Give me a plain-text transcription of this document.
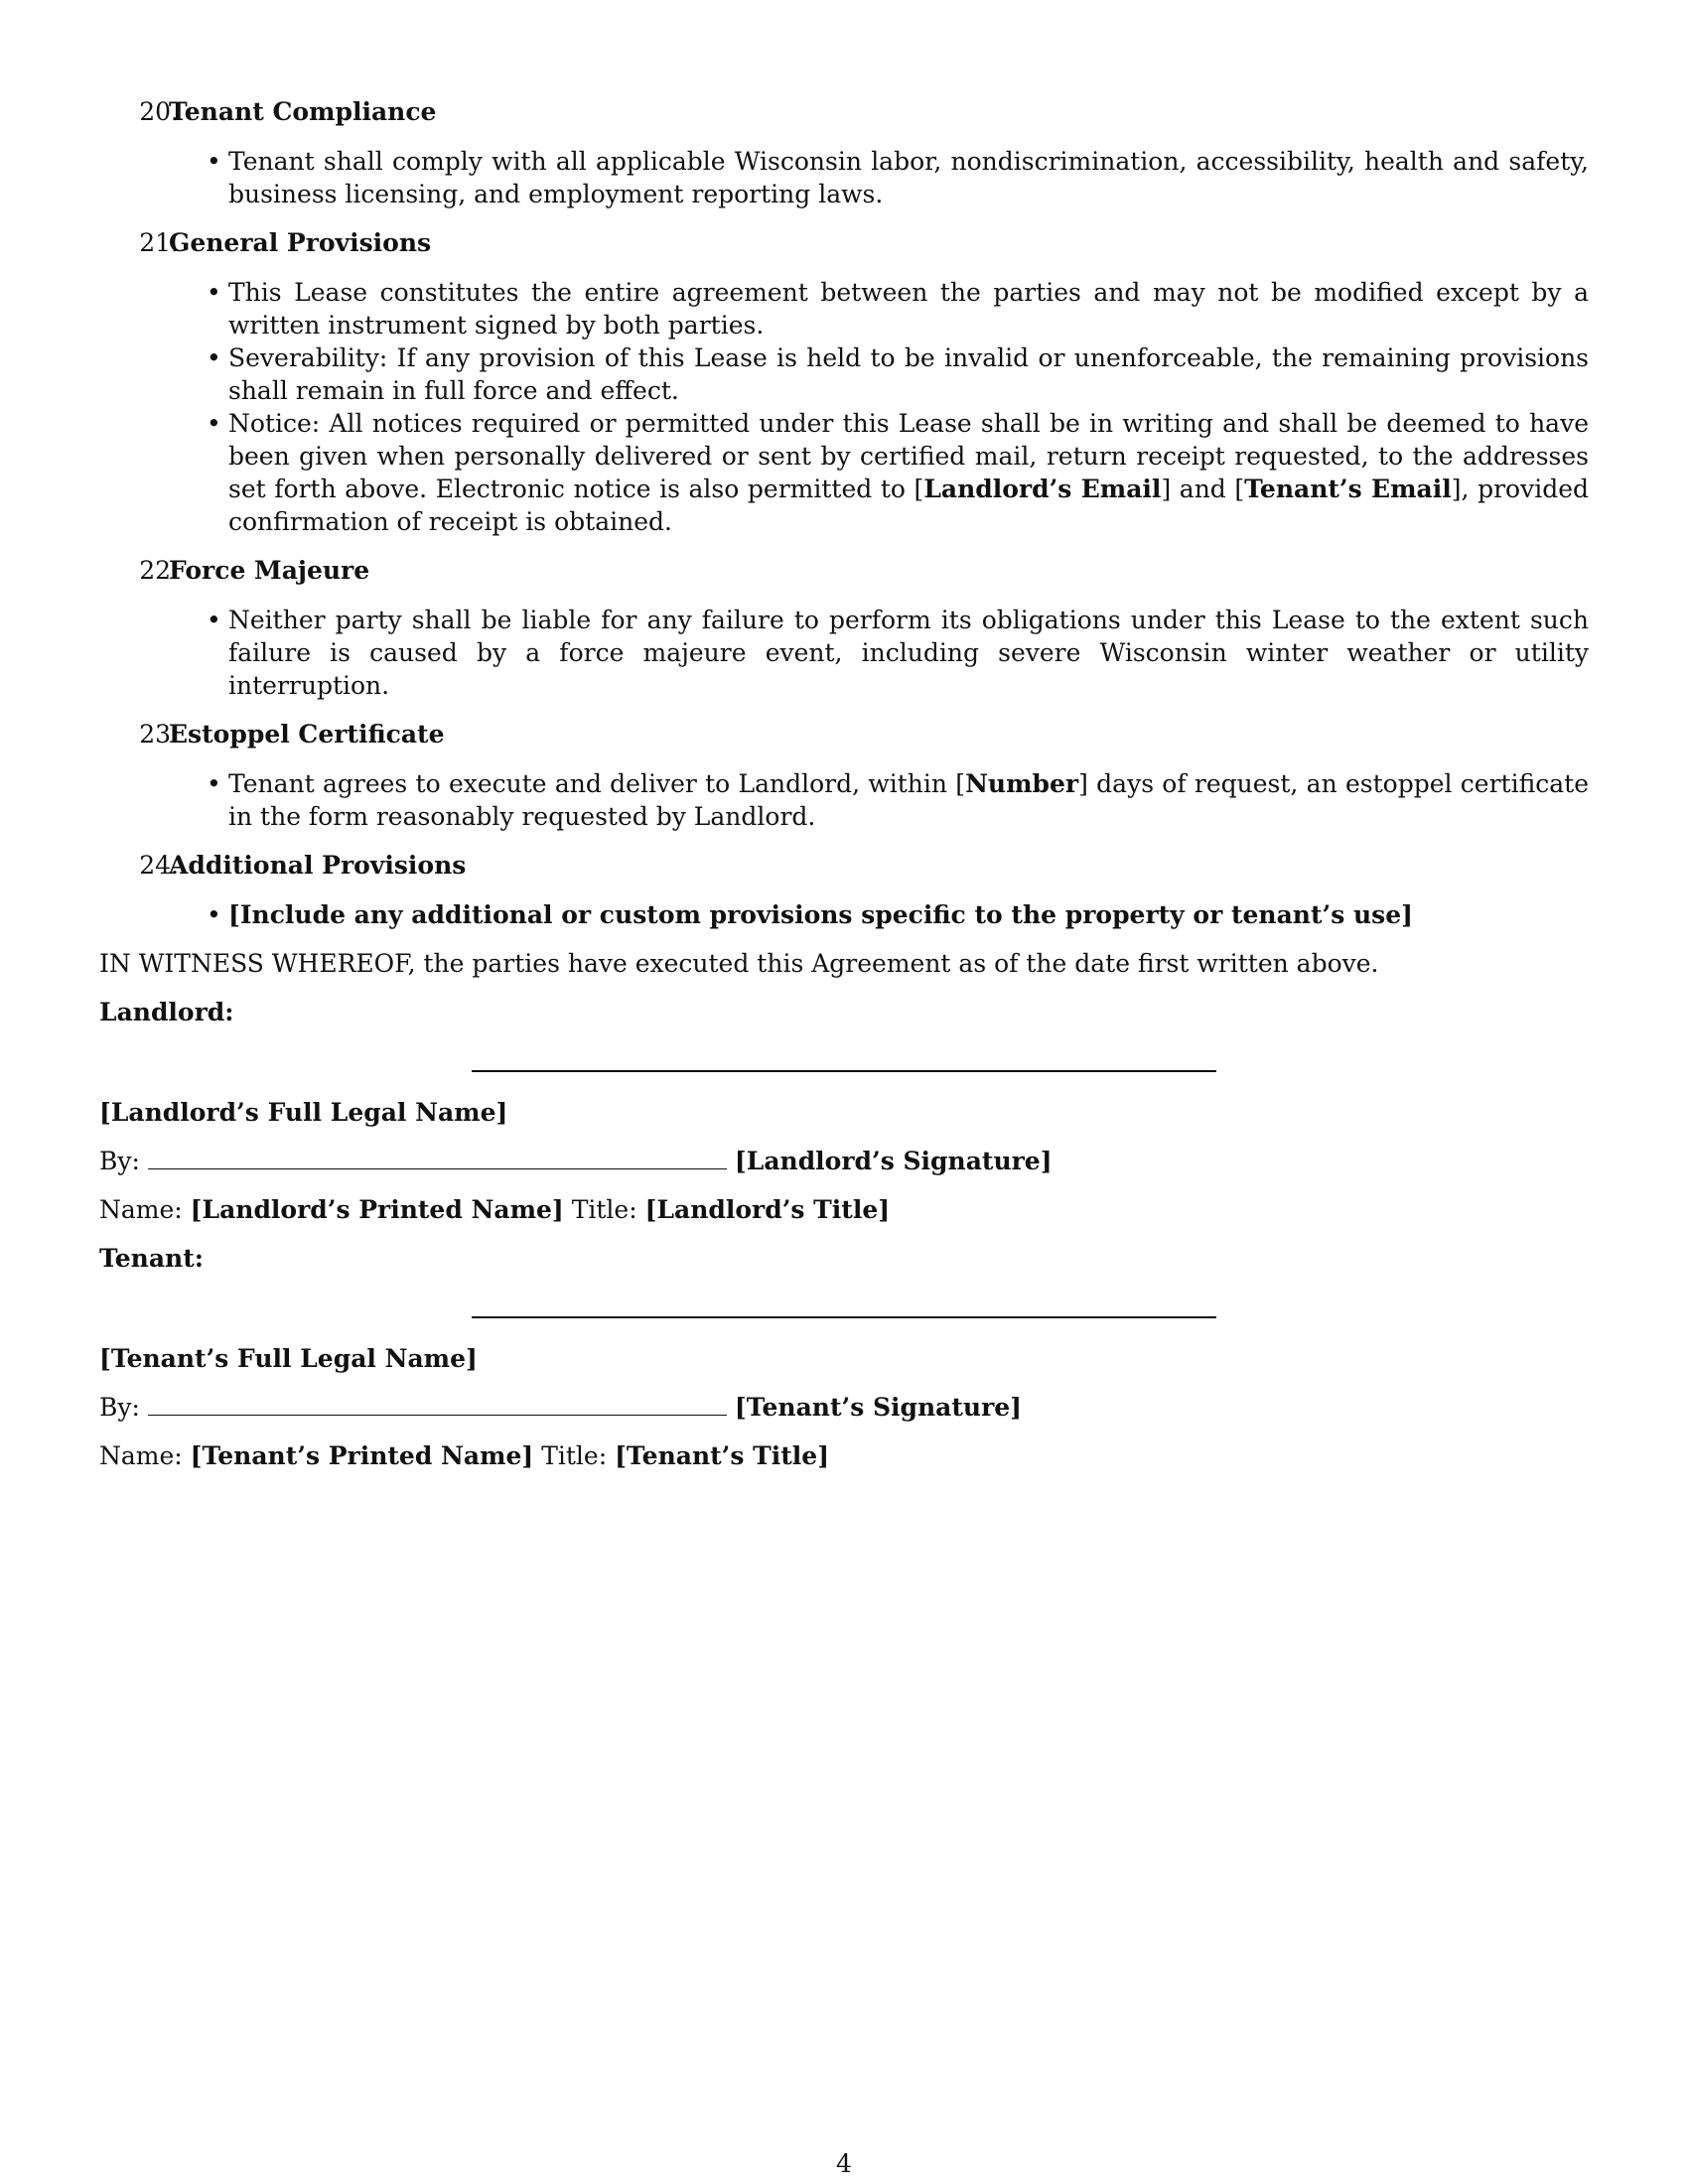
20.
Tenant Compliance
• Tenant shall comply with all applicable Wisconsin labor, nondiscrimination, accessibility, health and safety, business licensing, and employment reporting laws.
21.
General Provisions
• This Lease constitutes the entire agreement between the parties and may not be modified except by a written instrument signed by both parties.
• Severability: If any provision of this Lease is held to be invalid or unenforceable, the remaining provisions shall remain in full force and effect.
• Notice: All notices required or permitted under this Lease shall be in writing and shall be deemed to have been given when personally delivered or sent by certified mail, return receipt requested, to the addresses set forth above. Electronic notice is also permitted to [Landlord’s Email] and [Tenant’s Email], provided confirmation of receipt is obtained.
22.
Force Majeure
• Neither party shall be liable for any failure to perform its obligations under this Lease to the extent such failure is caused by a force majeure event, including severe Wisconsin winter weather or utility interruption.
23.
Estoppel Certificate
• Tenant agrees to execute and deliver to Landlord, within [Number] days of request, an estoppel certificate in the form reasonably requested by Landlord.
24.
Additional Provisions
• [Include any additional or custom provisions specific to the property or tenant’s use]
IN WITNESS WHEREOF, the parties have executed this Agreement as of the date first written above.
Landlord:
[Landlord’s Full Legal Name]
By:	[Landlord’s Signature]
Name: [Landlord’s Printed Name] Title: [Landlord’s Title]
Tenant:
[Tenant’s Full Legal Name]
By:	[Tenant’s Signature]
Name: [Tenant’s Printed Name] Title: [Tenant’s Title]
4
